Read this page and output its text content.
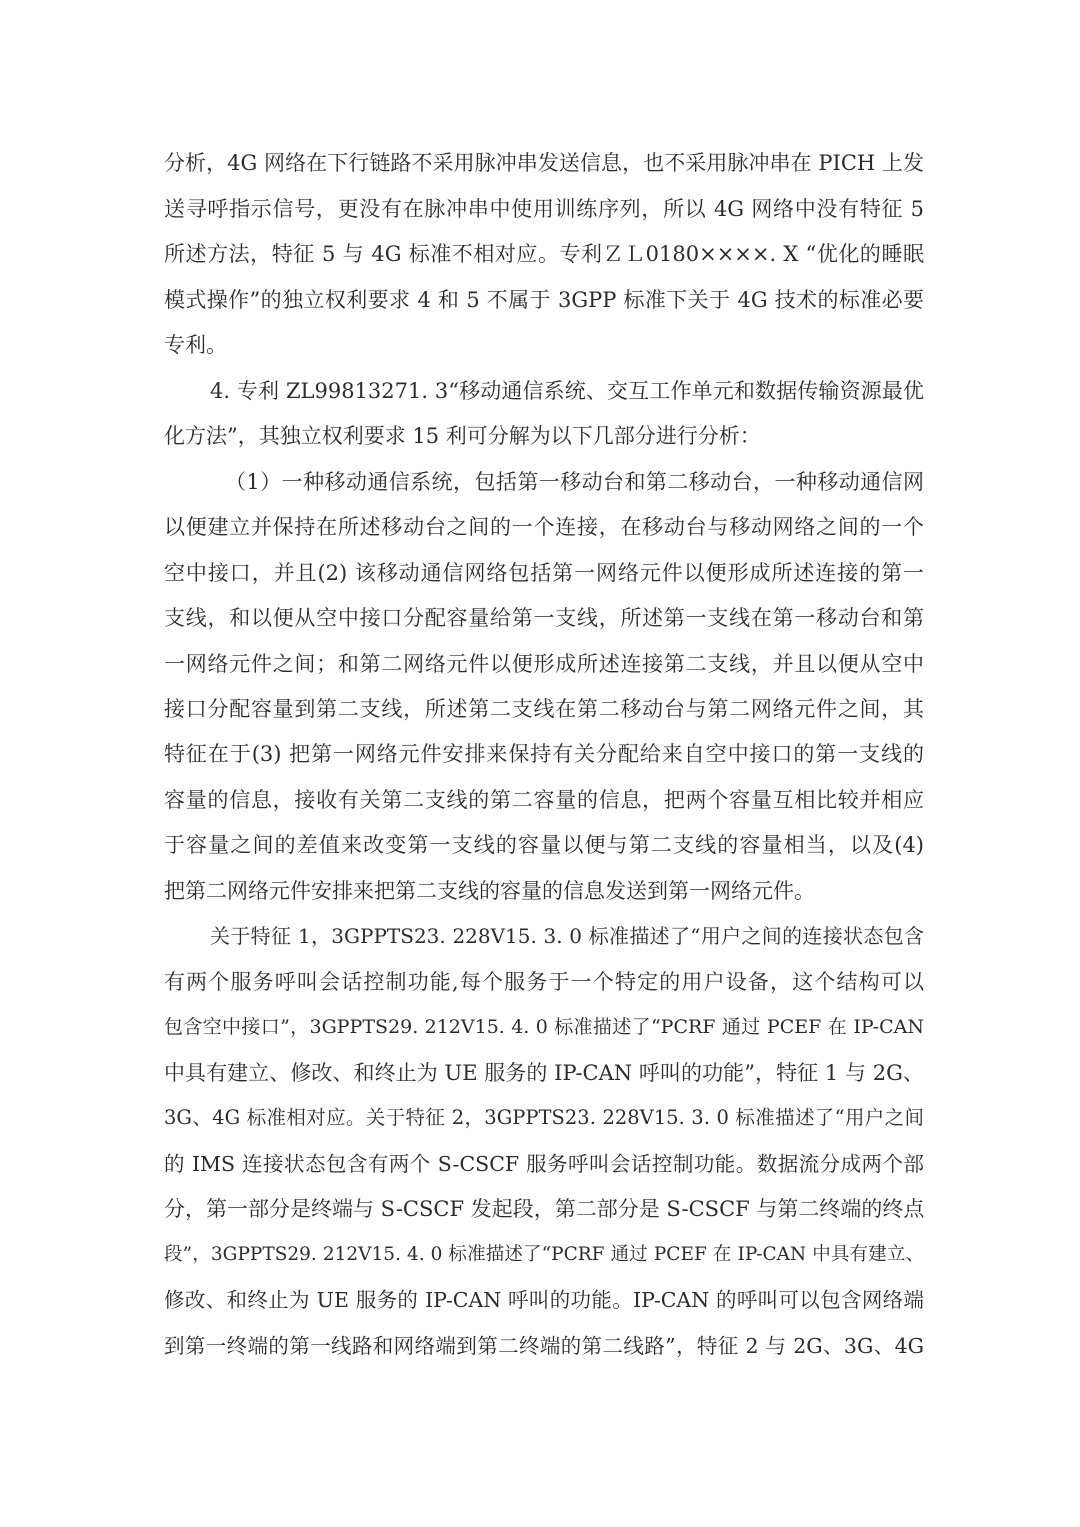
分析，4G 网络在下行链路不采用脉冲串发送信息，也不采用脉冲串在 PICH 上发
送寻呼指示信号，更没有在脉冲串中使用训练序列，所以 4G 网络中没有特征 5
所述方法，特征 5 与 4G 标准不相对应。专利ＺＬ0180××××. X “优化的睡眠
模式操作”的独立权利要求 4 和 5 不属于 3GPP 标准下关于 4G 技术的标准必要
专利。
4. 专利 ZL99813271. 3“移动通信系统、交互工作单元和数据传输资源最优
化方法”，其独立权利要求 15 利可分解为以下几部分进行分析：
（1）一种移动通信系统，包括第一移动台和第二移动台，一种移动通信网
以便建立并保持在所述移动台之间的一个连接，在移动台与移动网络之间的一个
空中接口，并且(2) 该移动通信网络包括第一网络元件以便形成所述连接的第一
支线，和以便从空中接口分配容量给第一支线，所述第一支线在第一移动台和第
一网络元件之间；和第二网络元件以便形成所述连接第二支线，并且以便从空中
接口分配容量到第二支线，所述第二支线在第二移动台与第二网络元件之间，其
特征在于(3) 把第一网络元件安排来保持有关分配给来自空中接口的第一支线的
容量的信息，接收有关第二支线的第二容量的信息，把两个容量互相比较并相应
于容量之间的差值来改变第一支线的容量以便与第二支线的容量相当，以及(4)
把第二网络元件安排来把第二支线的容量的信息发送到第一网络元件。
关于特征 1，3GPPTS23. 228V15. 3. 0 标准描述了“用户之间的连接状态包含
有两个服务呼叫会话控制功能,每个服务于一个特定的用户设备，这个结构可以
包含空中接口”，3GPPTS29. 212V15. 4. 0 标准描述了“PCRF 通过 PCEF 在 IP-CAN
中具有建立、修改、和终止为 UE 服务的 IP-CAN 呼叫的功能”，特征 1 与 2G、
3G、4G 标准相对应。关于特征 2，3GPPTS23. 228V15. 3. 0 标准描述了“用户之间
的 IMS 连接状态包含有两个 S-CSCF 服务呼叫会话控制功能。数据流分成两个部
分，第一部分是终端与 S-CSCF 发起段，第二部分是 S-CSCF 与第二终端的终点
段”，3GPPTS29. 212V15. 4. 0 标准描述了“PCRF 通过 PCEF 在 IP-CAN 中具有建立、
修改、和终止为 UE 服务的 IP-CAN 呼叫的功能。IP-CAN 的呼叫可以包含网络端
到第一终端的第一线路和网络端到第二终端的第二线路”，特征 2 与 2G、3G、4G
